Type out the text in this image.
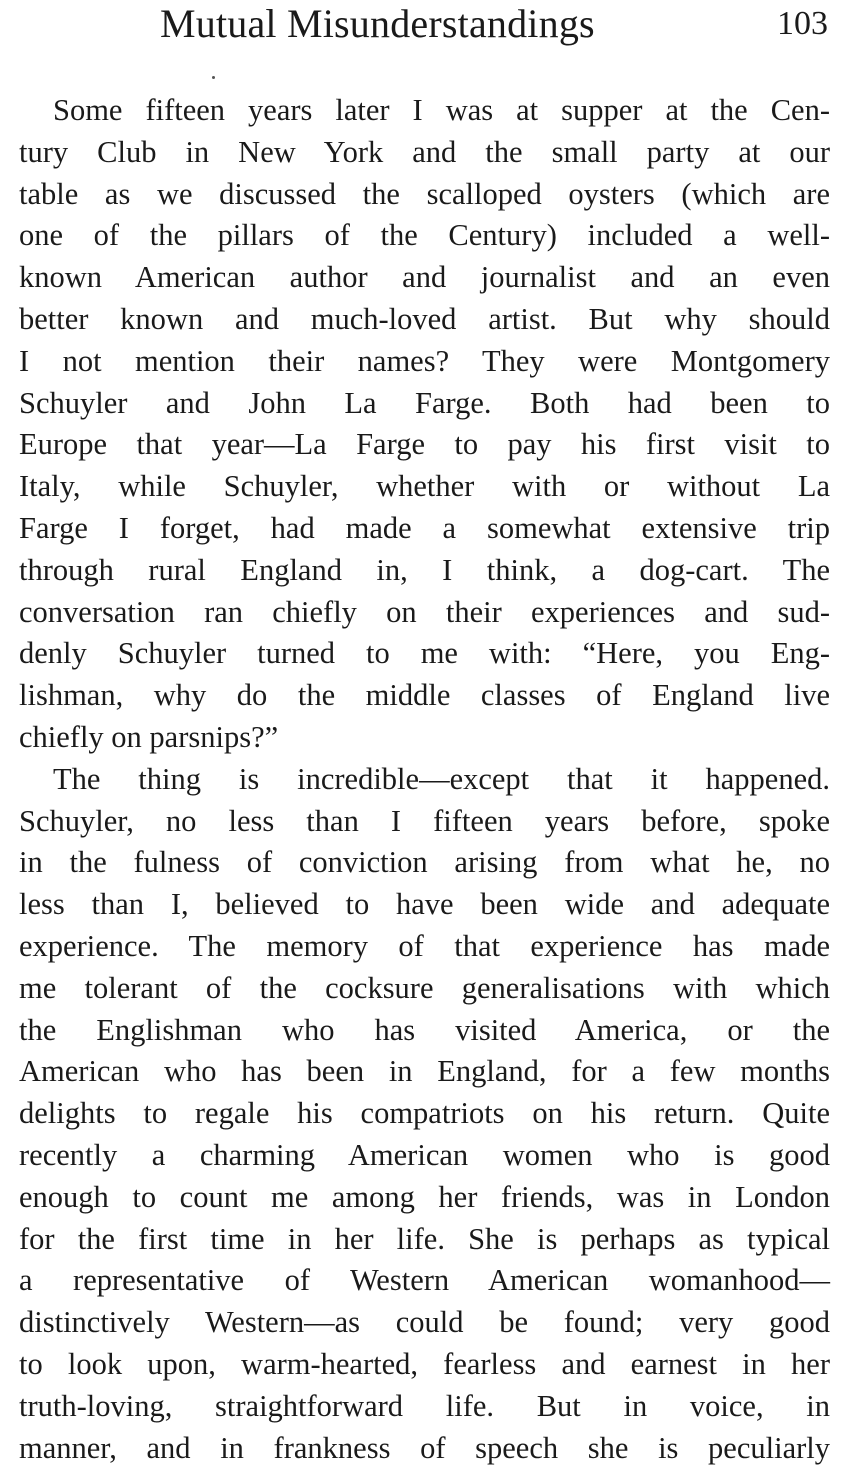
Mutual Misunderstandings	103
Some fifteen years later I was at supper at the Cen-
tury Club in New York and the small party at our
table as we discussed the scalloped oysters (which are
one of the pillars of the Century) included a well-
known American author and journalist and an even
better known and much-loved artist. But why should
I not mention their names? They were Montgomery
Schuyler and John La Farge. Both had been to
Europe that year—La Farge to pay his first visit to
Italy, while Schuyler, whether with or without La
Farge I forget, had made a somewhat extensive trip
through rural England in, I think, a dog-cart. The
conversation ran chiefly on their experiences and sud-
denly Schuyler turned to me with: “Here, you Eng-
lishman, why do the middle classes of England live
chiefly on parsnips?”
The thing is incredible—except that it happened.
Schuyler, no less than I fifteen years before, spoke
in the fulness of conviction arising from what he, no
less than I, believed to have been wide and adequate
experience. The memory of that experience has made
me tolerant of the cocksure generalisations with which
the Englishman who has visited America, or the
American who has been in England, for a few months
delights to regale his compatriots on his return. Quite
recently a charming American women who is good
enough to count me among her friends, was in London
for the first time in her life. She is perhaps as typical
a representative of Western American womanhood—
distinctively Western—as could be found; very good
to look upon, warm-hearted, fearless and earnest in her
truth-loving, straightforward life. But in voice, in
manner, and in frankness of speech she is peculiarly
